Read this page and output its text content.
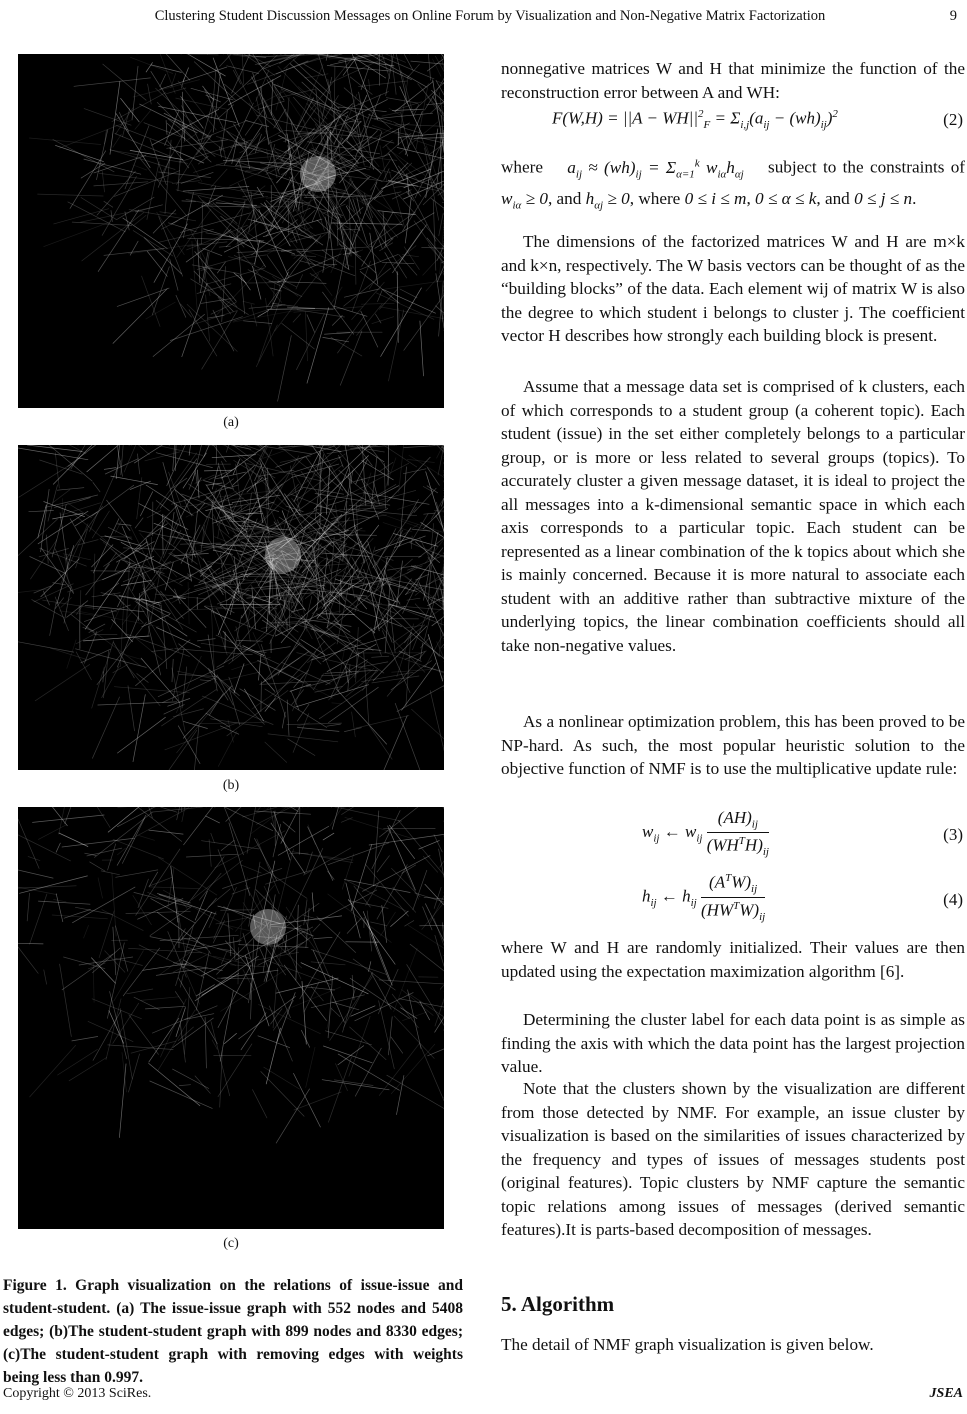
Clustering Student Discussion Messages on Online Forum by Visualization and Non-Negative Matrix Factorization	9
(a)
(b)
(c)
Figure 1. Graph visualization on the relations of issue-issue and student-student. (a) The issue-issue graph with 552 nodes and 5408 edges; (b)The student-student graph with 899 nodes and 8330 edges; (c)The student-student graph with removing edges with weights being less than 0.997.

nonnegative matrices W and H that minimize the function of the reconstruction error between A and WH:

$F(W,H) = ||A - WH||^2_F = \Sigma_{i,j}(a_{ij} - (wh)_{ij})^2$	(2)

where $a_{ij} \approx (wh)_{ij} = \Sigma_{\alpha=1}^k$ $w_{i\alpha}h_{\alpha j}$ subject to the constraints of $w_{i\alpha} \ge 0$, and $h_{\alpha j} \ge 0$, where 0 ≤ i ≤ m, 0 ≤ α ≤ k, and 0 ≤ j ≤ n.

The dimensions of the factorized matrices W and H are m×k and k×n, respectively. The W basis vectors can be thought of as the “building blocks” of the data. Each element wij of matrix W is also the degree to which student i belongs to cluster j. The coefficient vector H describes how strongly each building block is present.

Assume that a message data set is comprised of k clusters, each of which corresponds to a student group (a coherent topic). Each student (issue) in the set either completely belongs to a particular group, or is more or less related to several groups (topics). To accurately cluster a given message dataset, it is ideal to project the all messages into a k-dimensional semantic space in which each axis corresponds to a particular topic. Each student can be represented as a linear combination of the k topics about which she is mainly concerned. Because it is more natural to associate each student with an additive rather than subtractive mixture of the underlying topics, the linear combination coefficients should all take non-negative values.

As a nonlinear optimization problem, this has been proved to be NP-hard. As such, the most popular heuristic solution to the objective function of NMF is to use the multiplicative update rule:

$w_{ij}$ ← $w_{ij} \frac{(AH)_{ij}}{(WH^TH)_{ij}}$	(3)
$h_{ij}$ ← $h_{ij} \frac{(A^TW)_{ij}}{(HW^TW)_{ij}}$	(4)

where W and H are randomly initialized. Their values are then updated using the expectation maximization algorithm [6].

Determining the cluster label for each data point is as simple as finding the axis with which the data point has the largest projection value.

Note that the clusters shown by the visualization are different from those detected by NMF. For example, an issue cluster by visualization is based on the similarities of issues characterized by the frequency and types of issues of messages students post (original features). Topic clusters by NMF capture the semantic topic relations among issues of messages (derived semantic features).It is parts-based decomposition of messages.

5. Algorithm

The detail of NMF graph visualization is given below.

Copyright © 2013 SciRes.	JSEA
